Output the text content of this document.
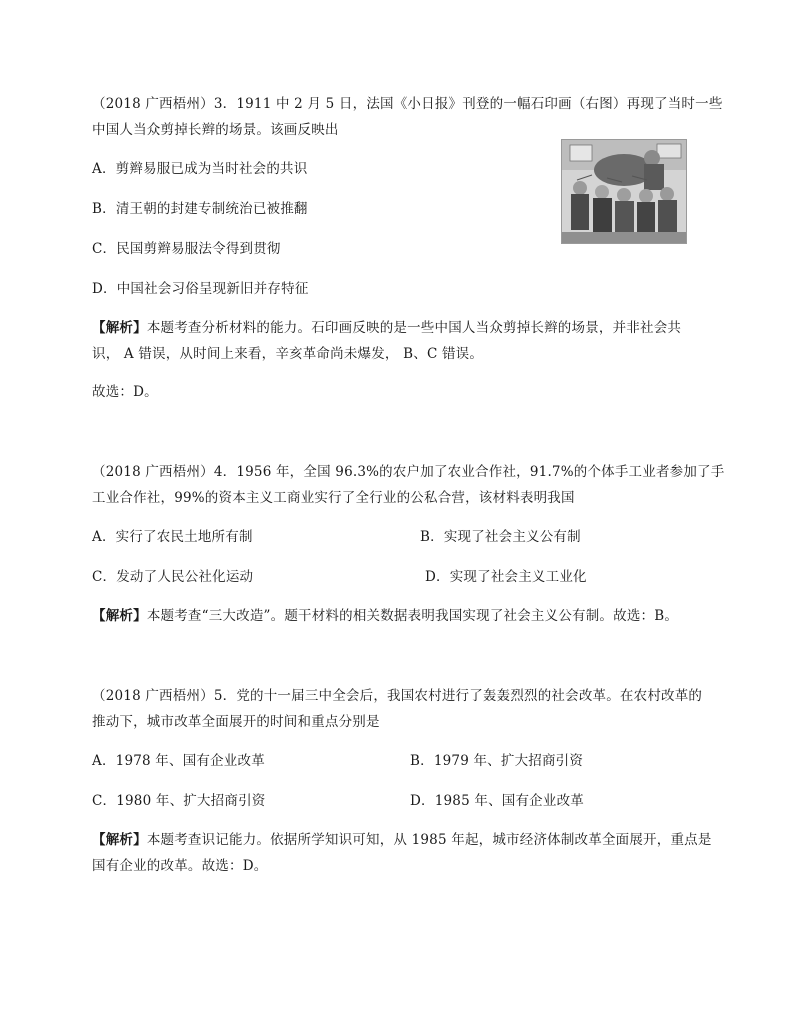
（2018 广西梧州）3．1911 中 2 月 5 日，法国《小日报》刊登的一幅石印画（右图）再现了当时一些
中国人当众剪掉长辫的场景。该画反映出
A．剪辫易服已成为当时社会的共识
B．清王朝的封建专制统治已被推翻
C．民国剪辫易服法令得到贯彻
D．中国社会习俗呈现新旧并存特征
【解析】本题考查分析材料的能力。石印画反映的是一些中国人当众剪掉长辫的场景，并非社会共
识， A 错误，从时间上来看，辛亥革命尚未爆发， B、C 错误。
故选：D。
（2018 广西梧州）4．1956 年，全国 96.3%的农户加了农业合作社，91.7%的个体手工业者参加了手
工业合作社，99%的资本主义工商业实行了全行业的公私合营，该材料表明我国
A．实行了农民土地所有制	B．实现了社会主义公有制
C．发动了人民公社化运动	D．实现了社会主义工业化
【解析】本题考查“三大改造”。题干材料的相关数据表明我国实现了社会主义公有制。故选：B。
（2018 广西梧州）5．党的十一届三中全会后，我国农村进行了轰轰烈烈的社会改革。在农村改革的
推动下，城市改革全面展开的时间和重点分别是
A．1978 年、国有企业改革	B．1979 年、扩大招商引资
C．1980 年、扩大招商引资	D．1985 年、国有企业改革
【解析】本题考查识记能力。依据所学知识可知，从 1985 年起，城市经济体制改革全面展开，重点是
国有企业的改革。故选：D。
